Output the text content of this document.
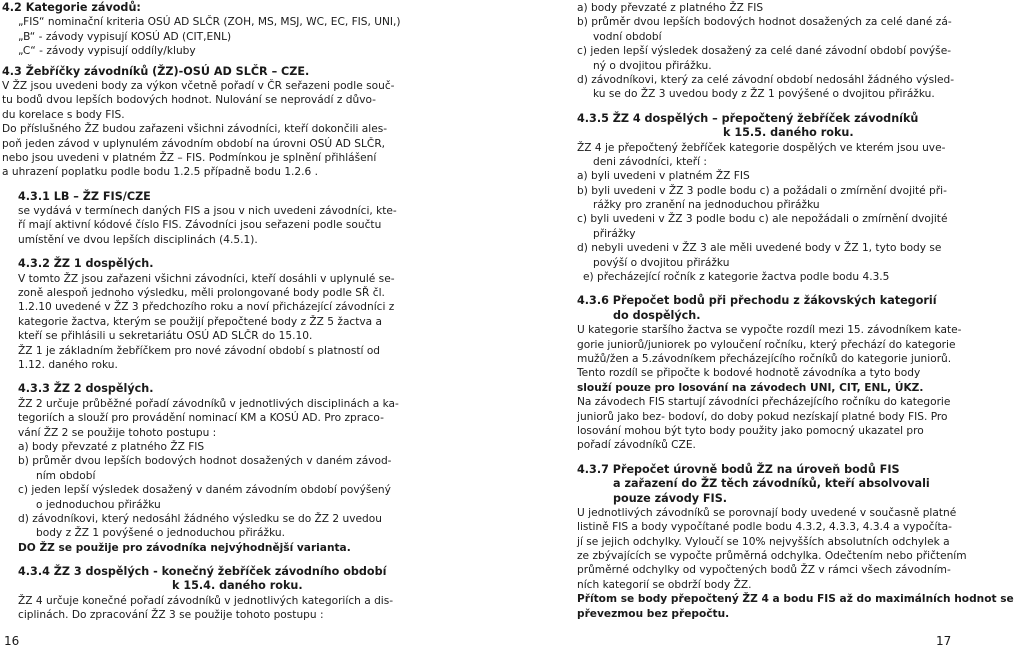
4.2 Kategorie závodů:
„FIS“ nominační kriteria OSÚ AD SLČR (ZOH, MS, MSJ, WC, EC, FIS, UNI,)
„B“ - závody vypisují KOSÚ AD (CIT,ENL)
„C“ - závody vypisují oddíly/kluby
4.3 Žebříčky závodníků (ŽZ)-OSÚ AD SLČR – CZE.
V ŽZ jsou uvedeni body za výkon včetně pořadí v ČR seřazeni podle souč-
tu bodů dvou lepších bodových hodnot. Nulování se neprovádí z důvo-
du korelace s body FIS.
Do příslušného ŽZ budou zařazeni všichni závodníci, kteří dokončili ales-
poň jeden závod v uplynulém závodním období na úrovni OSÚ AD SLČR,
nebo jsou uvedeni v platném ŽZ – FIS. Podmínkou je splnění přihlášení
a uhrazení poplatku podle bodu 1.2.5 případně bodu 1.2.6 .
4.3.1 LB – ŽZ FIS/CZE
se vydává v termínech daných FIS a jsou v nich uvedeni závodníci, kte-
ří mají aktivní kódové číslo FIS. Závodníci jsou seřazeni podle součtu
umístění ve dvou lepších disciplinách (4.5.1).
4.3.2 ŽZ 1 dospělých.
V tomto ŽZ jsou zařazeni všichni závodníci, kteří dosáhli v uplynulé se-
zoně alespoň jednoho výsledku, měli prolongované body podle SŘ čl.
1.2.10 uvedené v ŽZ 3 předchozího roku a noví přicházející závodníci z
kategorie žactva, kterým se použijí přepočtené body z ŽZ 5 žactva a
kteří se přihlásili u sekretariátu OSÚ AD SLČR do 15.10.
ŽZ 1 je základním žebříčkem pro nové závodní období s platností od
1.12. daného roku.
4.3.3 ŽZ 2 dospělých.
ŽZ 2 určuje průběžné pořadí závodníků v jednotlivých disciplinách a ka-
tegoriích a slouží pro provádění nominací KM a KOSÚ AD. Pro zpraco-
vání ŽZ 2 se použije tohoto postupu :
a) body převzaté z platného ŽZ FIS
b) průměr dvou lepších bodových hodnot dosažených v daném závod-
ním období
c) jeden lepší výsledek dosažený v daném závodním období povýšený
o jednoduchou přirážku
d) závodníkovi, který nedosáhl žádného výsledku se do ŽZ 2 uvedou
body z ŽZ 1 povýšené o jednoduchou přirážku.
DO ŽZ se použije pro závodníka nejvýhodnější varianta.
4.3.4 ŽZ 3 dospělých - konečný žebříček závodního období
k 15.4. daného roku.
ŽZ 4 určuje konečné pořadí závodníků v jednotlivých kategoriích a dis-
ciplinách. Do zpracování ŽZ 3 se použije tohoto postupu :
16
a) body převzaté z platného ŽZ FIS
b) průměr dvou lepších bodových hodnot dosažených za celé dané zá-
vodní období
c) jeden lepší výsledek dosažený za celé dané závodní období povýše-
ný o dvojitou přirážku.
d) závodníkovi, který za celé závodní období nedosáhl žádného výsled-
ku se do ŽZ 3 uvedou body z ŽZ 1 povýšené o dvojitou přirážku.
4.3.5 ŽZ 4 dospělých – přepočtený žebříček závodníků
k 15.5. daného roku.
ŽZ 4 je přepočtený žebříček kategorie dospělých ve kterém jsou uve-
deni závodníci, kteří :
a) byli uvedeni v platném ŽZ FIS
b) byli uvedeni v ŽZ 3 podle bodu c) a požádali o zmírnění dvojité při-
rážky pro zranění na jednoduchou přirážku
c) byli uvedeni v ŽZ 3 podle bodu c) ale nepožádali o zmírnění dvojité
přirážky
d) nebyli uvedeni v ŽZ 3 ale měli uvedené body v ŽZ 1, tyto body se
povýší o dvojitou přirážku
e) přecházející ročník z kategorie žactva podle bodu 4.3.5
4.3.6 Přepočet bodů při přechodu z žákovských kategorií
do dospělých.
U kategorie staršího žactva se vypočte rozdíl mezi 15. závodníkem kate-
gorie juniorů/juniorek po vyloučení ročníku, který přechází do kategorie
mužů/žen a 5.závodníkem přecházejícího ročníků do kategorie juniorů.
Tento rozdíl se připočte k bodové hodnotě závodníka a tyto body
slouží pouze pro losování na závodech UNI, CIT, ENL, ÚKZ.
Na závodech FIS startují závodníci přecházejícího ročníku do kategorie
juniorů jako bez- bodoví, do doby pokud nezískají platné body FIS. Pro
losování mohou být tyto body použity jako pomocný ukazatel pro
pořadí závodníků CZE.
4.3.7 Přepočet úrovně bodů ŽZ na úroveň bodů FIS
a zařazení do ŽZ těch závodníků, kteří absolvovali
pouze závody FIS.
U jednotlivých závodníků se porovnají body uvedené v současně platné
listině FIS a body vypočítané podle bodu 4.3.2, 4.3.3, 4.3.4 a vypočíta-
jí se jejich odchylky. Vyloučí se 10% nejvyšších absolutních odchylek a
ze zbývajících se vypočte průměrná odchylka. Odečtením nebo přičtením
průměrné odchylky od vypočtených bodů ŽZ v rámci všech závodním-
ních kategorií se obdrží body ŽZ.
Přítom se body přepočtený ŽZ 4 a bodu FIS až do maximálních hodnot se
převezmou bez přepočtu.
17
